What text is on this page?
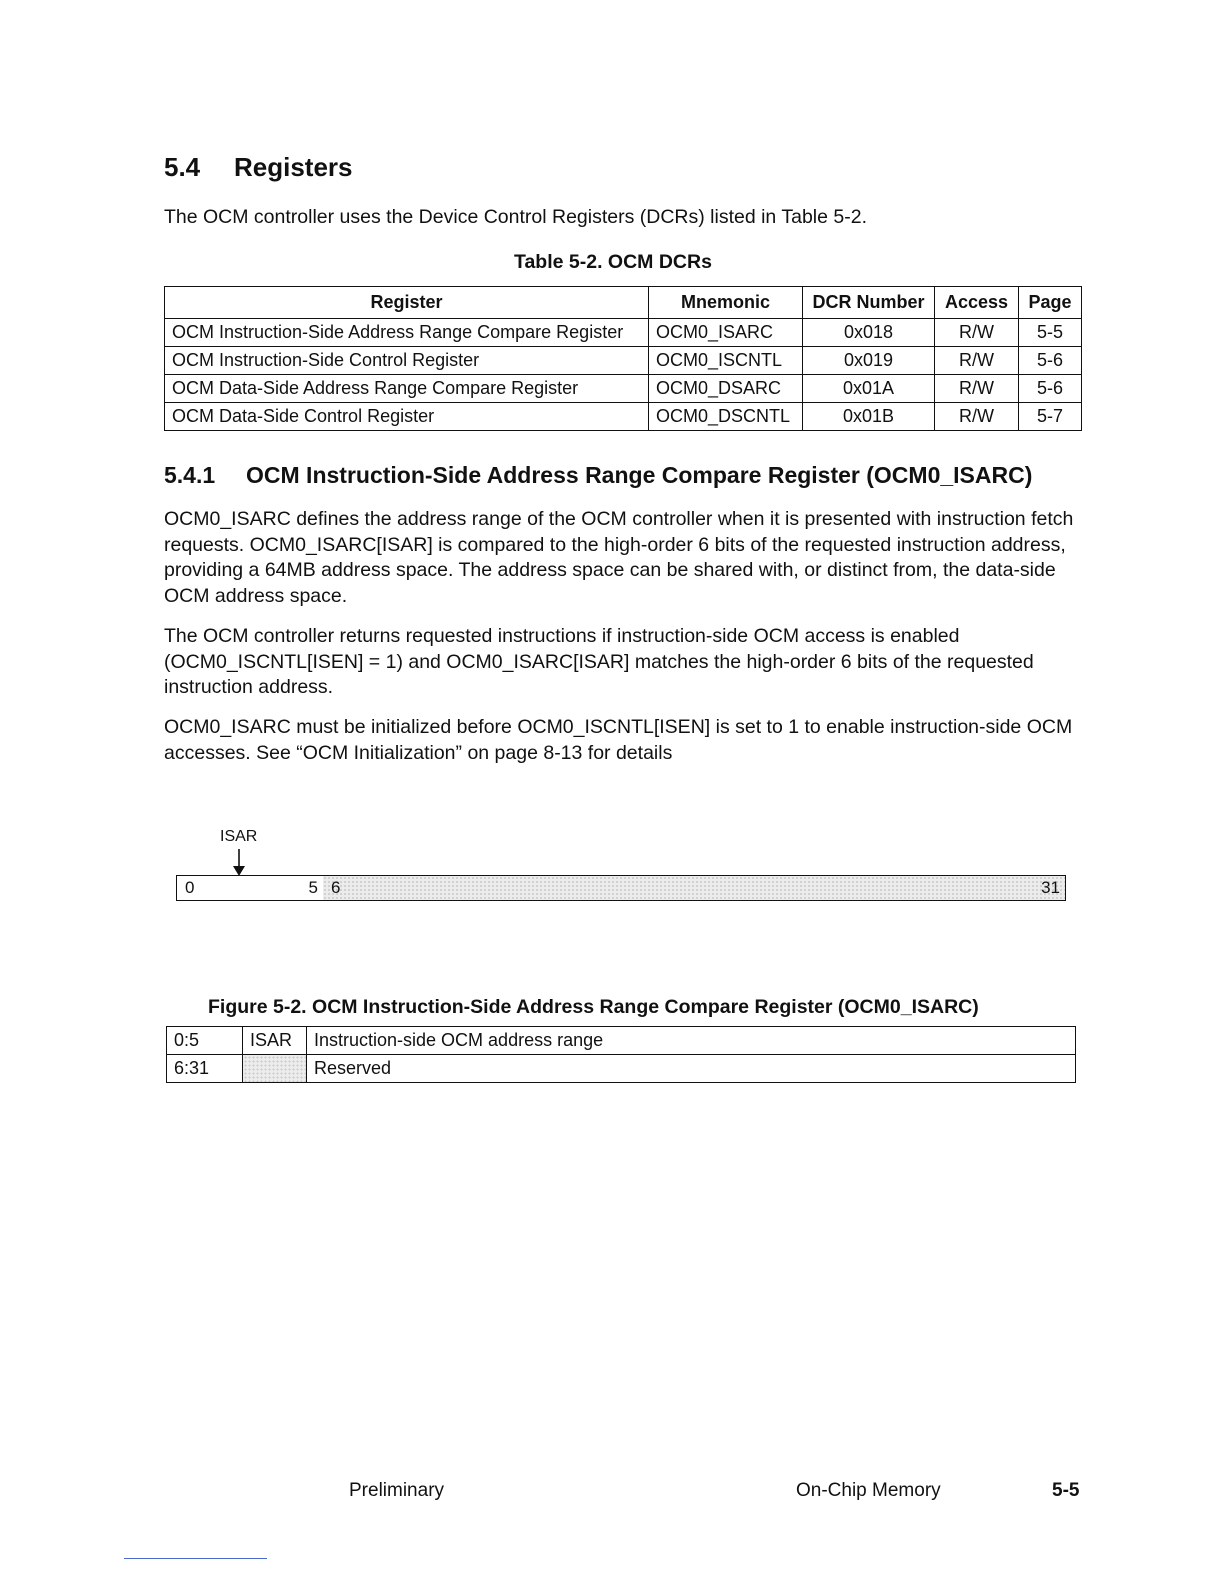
5.4 Registers

The OCM controller uses the Device Control Registers (DCRs) listed in Table 5-2.

Table 5-2. OCM DCRs
Register	Mnemonic	DCR Number	Access	Page
OCM Instruction-Side Address Range Compare Register	OCM0_ISARC	0x018	R/W	5-5
OCM Instruction-Side Control Register	OCM0_ISCNTL	0x019	R/W	5-6
OCM Data-Side Address Range Compare Register	OCM0_DSARC	0x01A	R/W	5-6
OCM Data-Side Control Register	OCM0_DSCNTL	0x01B	R/W	5-7
5.4.1 OCM Instruction-Side Address Range Compare Register (OCM0_ISARC)

OCM0_ISARC defines the address range of the OCM controller when it is presented with instruction fetch requests. OCM0_ISARC[ISAR] is compared to the high-order 6 bits of the requested instruction address, providing a 64MB address space. The address space can be shared with, or distinct from, the data-side OCM address space.

The OCM controller returns requested instructions if instruction-side OCM access is enabled (OCM0_ISCNTL[ISEN] = 1) and OCM0_ISARC[ISAR] matches the high-order 6 bits of the requested instruction address.

OCM0_ISARC must be initialized before OCM0_ISCNTL[ISEN] is set to 1 to enable instruction-side OCM accesses. See “OCM Initialization” on page 8-13 for details

ISAR
0	5 6	31
Figure 5-2. OCM Instruction-Side Address Range Compare Register (OCM0_ISARC)
0:5	ISAR	Instruction-side OCM address range
6:31		Reserved
Preliminary	On-Chip Memory	5-5
